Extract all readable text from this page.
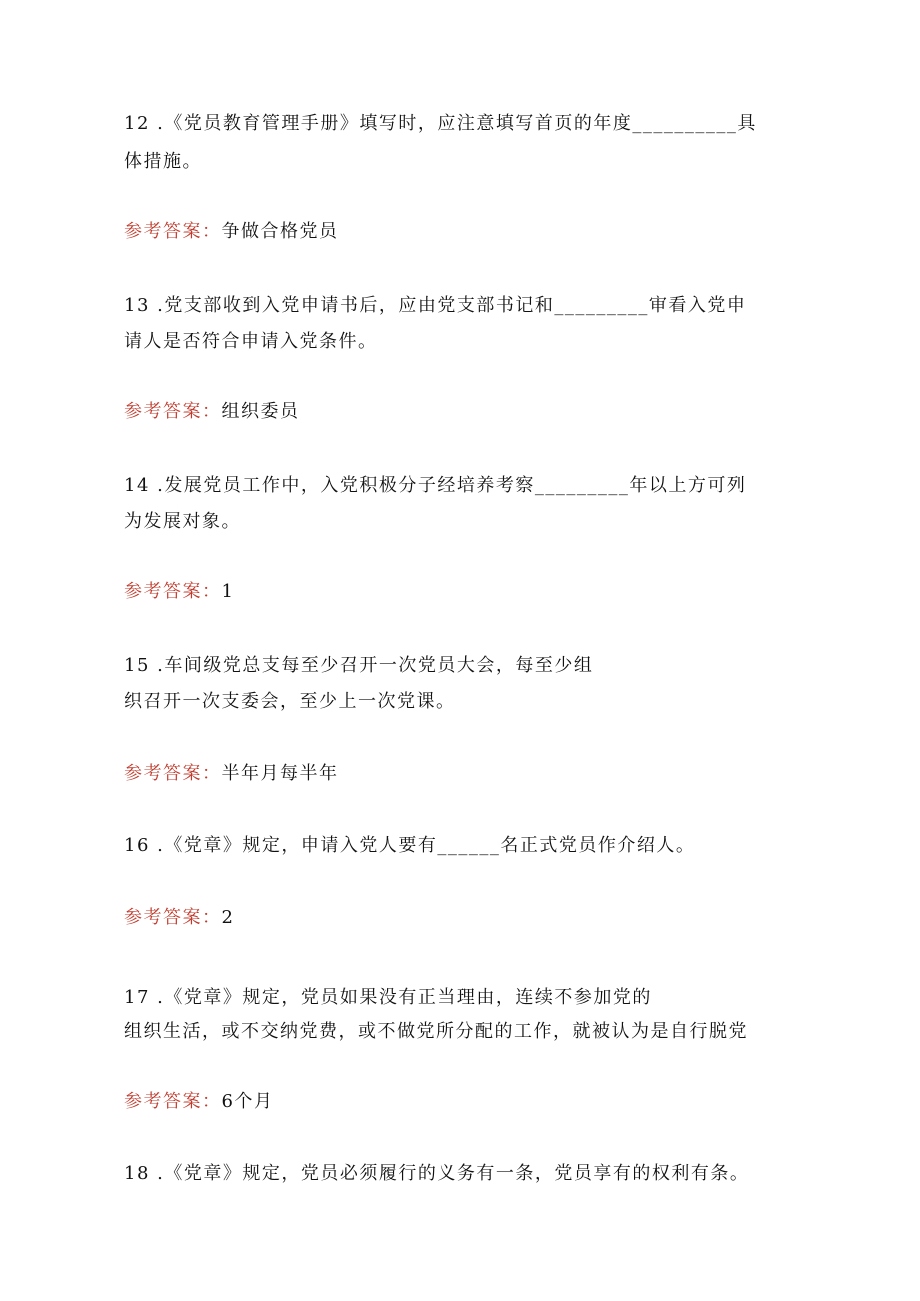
12 .《党员教育管理手册》填写时，应注意填写首页的年度__________具

体措施。

参考答案：争做合格党员

13 .党支部收到入党申请书后，应由党支部书记和_________审看入党申

请人是否符合申请入党条件。

参考答案：组织委员

14 .发展党员工作中，入党积极分子经培养考察_________年以上方可列

为发展对象。

参考答案：1

15 .车间级党总支每至少召开一次党员大会，每至少组

织召开一次支委会，至少上一次党课。

参考答案：半年月每半年

16 .《党章》规定，申请入党人要有______名正式党员作介绍人。

参考答案：2

17 .《党章》规定，党员如果没有正当理由，连续不参加党的

组织生活，或不交纳党费，或不做党所分配的工作，就被认为是自行脱党

参考答案：6个月

18 .《党章》规定，党员必须履行的义务有一条，党员享有的权利有条。
